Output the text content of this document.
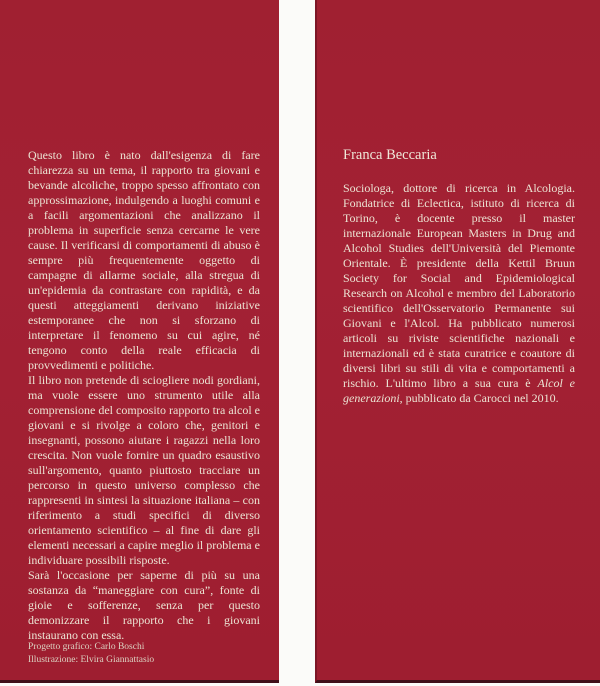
Questo libro è nato dall'esigenza di fare chiarezza su un tema, il rapporto tra giovani e bevande alcoliche, troppo spesso affrontato con approssimazione, indulgendo a luoghi comuni e a facili argomentazioni che analizzano il problema in superficie senza cercarne le vere cause. Il verificarsi di comportamenti di abuso è sempre più frequentemente oggetto di campagne di allarme sociale, alla stregua di un'epidemia da contrastare con rapidità, e da questi atteggiamenti derivano iniziative estemporanee che non si sforzano di interpretare il fenomeno su cui agire, né tengono conto della reale efficacia di provvedimenti e politiche.

Il libro non pretende di sciogliere nodi gordiani, ma vuole essere uno strumento utile alla comprensione del composito rapporto tra alcol e giovani e si rivolge a coloro che, genitori e insegnanti, possono aiutare i ragazzi nella loro crescita. Non vuole fornire un quadro esaustivo sull'argomento, quanto piuttosto tracciare un percorso in questo universo complesso che rappresenti in sintesi la situazione italiana – con riferimento a studi specifici di diverso orientamento scientifico – al fine di dare gli elementi necessari a capire meglio il problema e individuare possibili risposte.

Sarà l'occasione per saperne di più su una sostanza da “maneggiare con cura”, fonte di gioie e sofferenze, senza per questo demonizzare il rapporto che i giovani instaurano con essa.

Progetto grafico: Carlo Boschi
Illustrazione: Elvira Giannattasio
Franca Beccaria

Sociologa, dottore di ricerca in Alcologia. Fondatrice di Eclectica, istituto di ricerca di Torino, è docente presso il master internazionale European Masters in Drug and Alcohol Studies dell'Università del Piemonte Orientale. È presidente della Kettil Bruun Society for Social and Epidemiological Research on Alcohol e membro del Laboratorio scientifico dell'Osservatorio Permanente sui Giovani e l'Alcol. Ha pubblicato numerosi articoli su riviste scientifiche nazionali e internazionali ed è stata curatrice e coautore di diversi libri su stili di vita e comportamenti a rischio. L'ultimo libro a sua cura è Alcol e generazioni, pubblicato da Carocci nel 2010.
